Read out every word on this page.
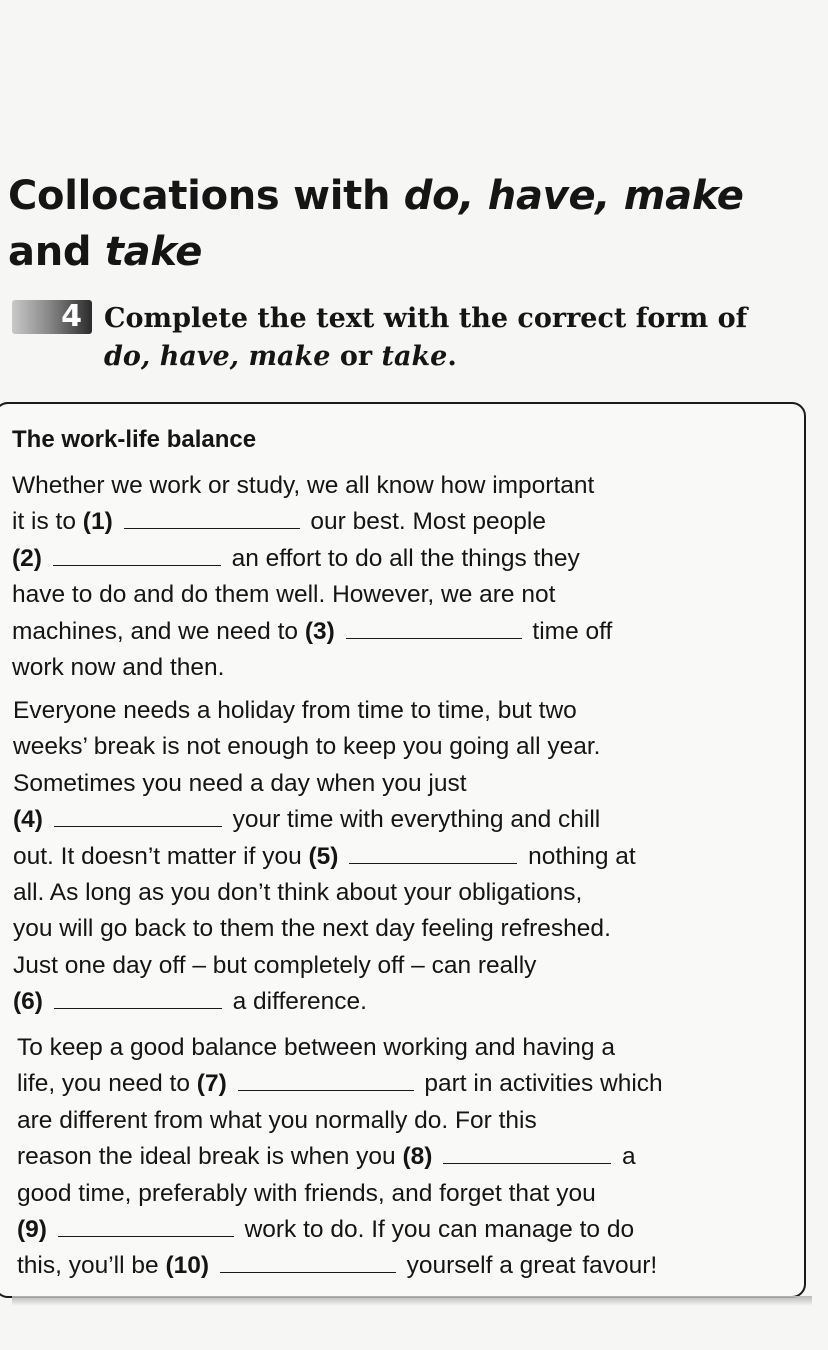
Collocations with do, have, make
and take
4 Complete the text with the correct form of
do, have, make or take.
The work-life balance
Whether we work or study, we all know how important
it is to (1)	our best. Most people
(2)	an effort to do all the things they
have to do and do them well. However, we are not
machines, and we need to (3)	time off
work now and then.
Everyone needs a holiday from time to time, but two
weeks’ break is not enough to keep you going all year.
Sometimes you need a day when you just
(4)	your time with everything and chill
out. It doesn’t matter if you (5)	nothing at
all. As long as you don’t think about your obligations,
you will go back to them the next day feeling refreshed.
Just one day off – but completely off – can really
(6)	a difference.
To keep a good balance between working and having a
life, you need to (7)	part in activities which
are different from what you normally do. For this
reason the ideal break is when you (8)	a
good time, preferably with friends, and forget that you
(9)	work to do. If you can manage to do
this, you’ll be (10)	yourself a great favour!
